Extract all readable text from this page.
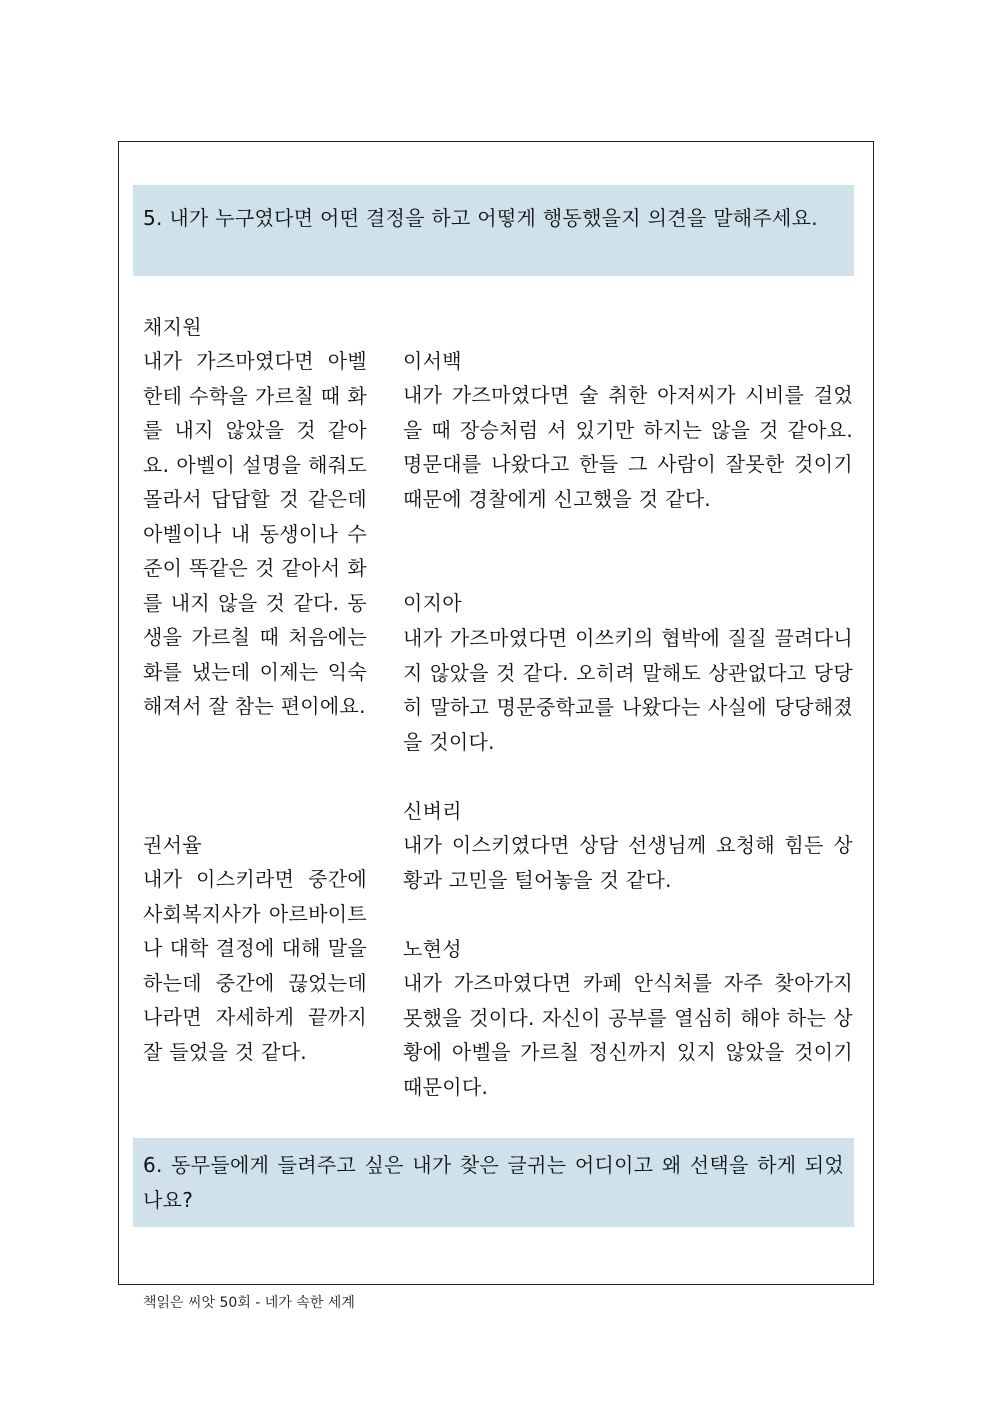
5. 내가 누구였다면 어떤 결정을 하고 어떻게 행동했을지 의견을 말해주세요.
채지원

내가 가즈마였다면 아벨한테 수학을 가르칠 때 화를 내지 않았을 것 같아요. 아벨이 설명을 해줘도 몰라서 답답할 것 같은데 아벨이나 내 동생이나 수준이 똑같은 것 같아서 화를 내지 않을 것 같다. 동생을 가르칠 때 처음에는 화를 냈는데 이제는 익숙해져서 잘 참는 편이에요.

권서율

내가 이스키라면 중간에 사회복지사가 아르바이트나 대학 결정에 대해 말을 하는데 중간에 끊었는데 나라면 자세하게 끝까지 잘 들었을 것 같다.

이서백

내가 가즈마였다면 술 취한 아저씨가 시비를 걸었을 때 장승처럼 서 있기만 하지는 않을 것 같아요. 명문대를 나왔다고 한들 그 사람이 잘못한 것이기 때문에 경찰에게 신고했을 것 같다.

이지아

내가 가즈마였다면 이쓰키의 협박에 질질 끌려다니지 않았을 것 같다. 오히려 말해도 상관없다고 당당히 말하고 명문중학교를 나왔다는 사실에 당당해졌을 것이다.

신벼리

내가 이스키였다면 상담 선생님께 요청해 힘든 상황과 고민을 털어놓을 것 같다.

노현성

내가 가즈마였다면 카페 안식처를 자주 찾아가지 못했을 것이다. 자신이 공부를 열심히 해야 하는 상황에 아벨을 가르칠 정신까지 있지 않았을 것이기 때문이다.

6. 동무들에게 들려주고 싶은 내가 찾은 글귀는 어디이고 왜 선택을 하게 되었나요?
책읽은 씨앗 50회 - 네가 속한 세계
